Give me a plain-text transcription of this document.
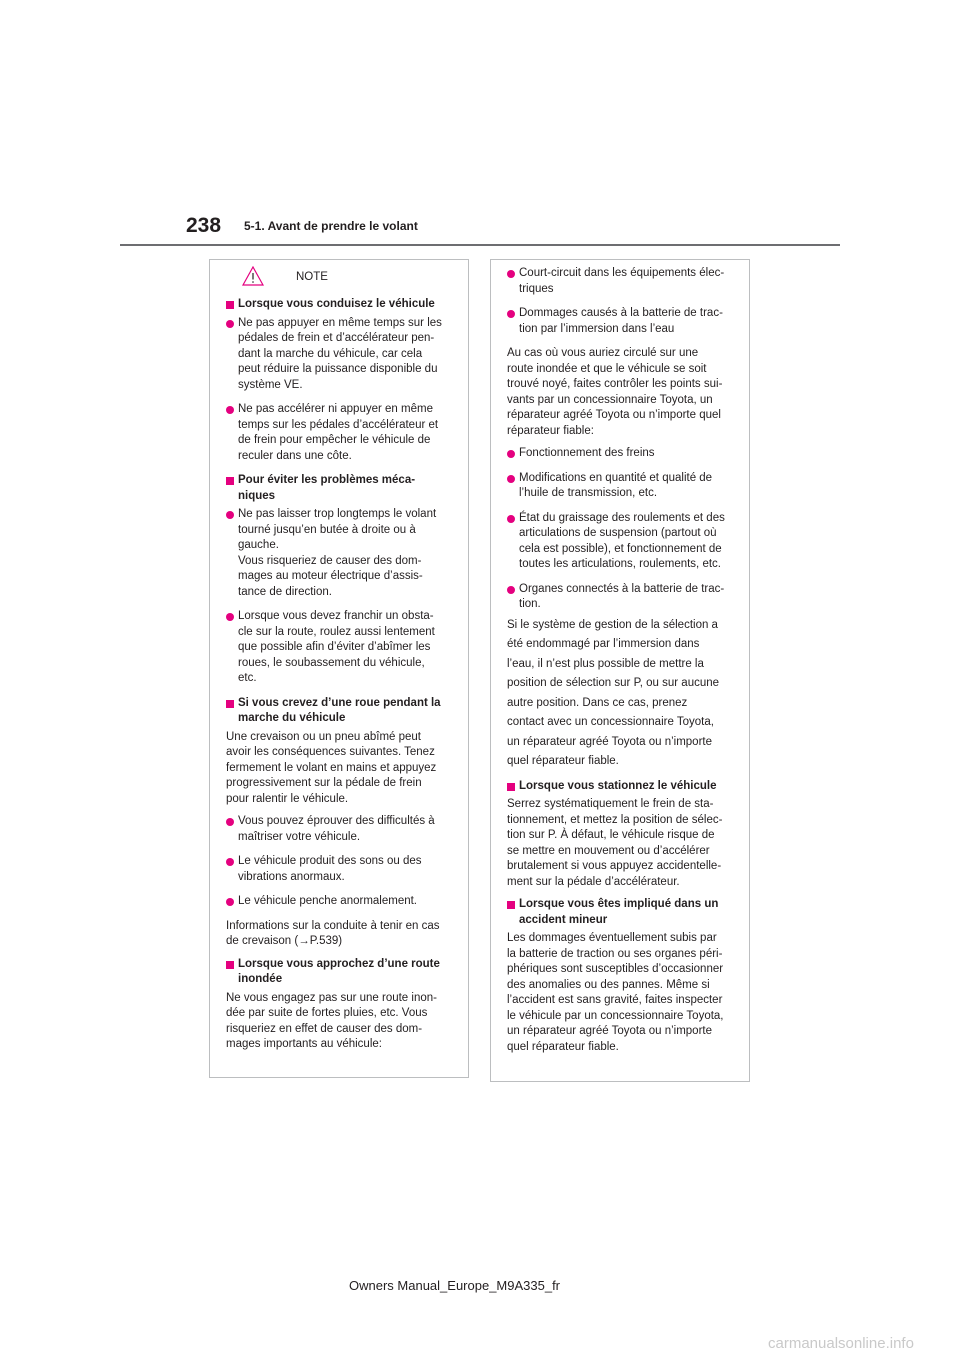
238 5-1. Avant de prendre le volant
NOTE
Lorsque vous conduisez le véhicule
Ne pas appuyer en même temps sur les
pédales de frein et d’accélérateur pen-
dant la marche du véhicule, car cela
peut réduire la puissance disponible du
système VE.
Ne pas accélérer ni appuyer en même
temps sur les pédales d’accélérateur et
de frein pour empêcher le véhicule de
reculer dans une côte.
Pour éviter les problèmes méca-
niques
Ne pas laisser trop longtemps le volant
tourné jusqu’en butée à droite ou à
gauche.
Vous risqueriez de causer des dom-
mages au moteur électrique d’assis-
tance de direction.
Lorsque vous devez franchir un obsta-
cle sur la route, roulez aussi lentement
que possible afin d’éviter d’abîmer les
roues, le soubassement du véhicule,
etc.
Si vous crevez d’une roue pendant la
marche du véhicule
Une crevaison ou un pneu abîmé peut
avoir les conséquences suivantes. Tenez
fermement le volant en mains et appuyez
progressivement sur la pédale de frein
pour ralentir le véhicule.
Vous pouvez éprouver des difficultés à
maîtriser votre véhicule.
Le véhicule produit des sons ou des
vibrations anormaux.
Le véhicule penche anormalement.
Informations sur la conduite à tenir en cas
de crevaison (→P.539)
Lorsque vous approchez d’une route
inondée
Ne vous engagez pas sur une route inon-
dée par suite de fortes pluies, etc. Vous
risqueriez en effet de causer des dom-
mages importants au véhicule:
Court-circuit dans les équipements élec-
triques
Dommages causés à la batterie de trac-
tion par l’immersion dans l’eau
Au cas où vous auriez circulé sur une
route inondée et que le véhicule se soit
trouvé noyé, faites contrôler les points sui-
vants par un concessionnaire Toyota, un
réparateur agréé Toyota ou n’importe quel
réparateur fiable:
Fonctionnement des freins
Modifications en quantité et qualité de
l’huile de transmission, etc.
État du graissage des roulements et des
articulations de suspension (partout où
cela est possible), et fonctionnement de
toutes les articulations, roulements, etc.
Organes connectés à la batterie de trac-
tion.
Si le système de gestion de la sélection a
été endommagé par l’immersion dans
l’eau, il n’est plus possible de mettre la
position de sélection sur P, ou sur aucune
autre position. Dans ce cas, prenez
contact avec un concessionnaire Toyota,
un réparateur agréé Toyota ou n’importe
quel réparateur fiable.
Lorsque vous stationnez le véhicule
Serrez systématiquement le frein de sta-
tionnement, et mettez la position de sélec-
tion sur P. À défaut, le véhicule risque de
se mettre en mouvement ou d’accélérer
brutalement si vous appuyez accidentelle-
ment sur la pédale d’accélérateur.
Lorsque vous êtes impliqué dans un
accident mineur
Les dommages éventuellement subis par
la batterie de traction ou ses organes péri-
phériques sont susceptibles d’occasionner
des anomalies ou des pannes. Même si
l’accident est sans gravité, faites inspecter
le véhicule par un concessionnaire Toyota,
un réparateur agréé Toyota ou n’importe
quel réparateur fiable.
Owners Manual_Europe_M9A335_fr
carmanualsonline.info
